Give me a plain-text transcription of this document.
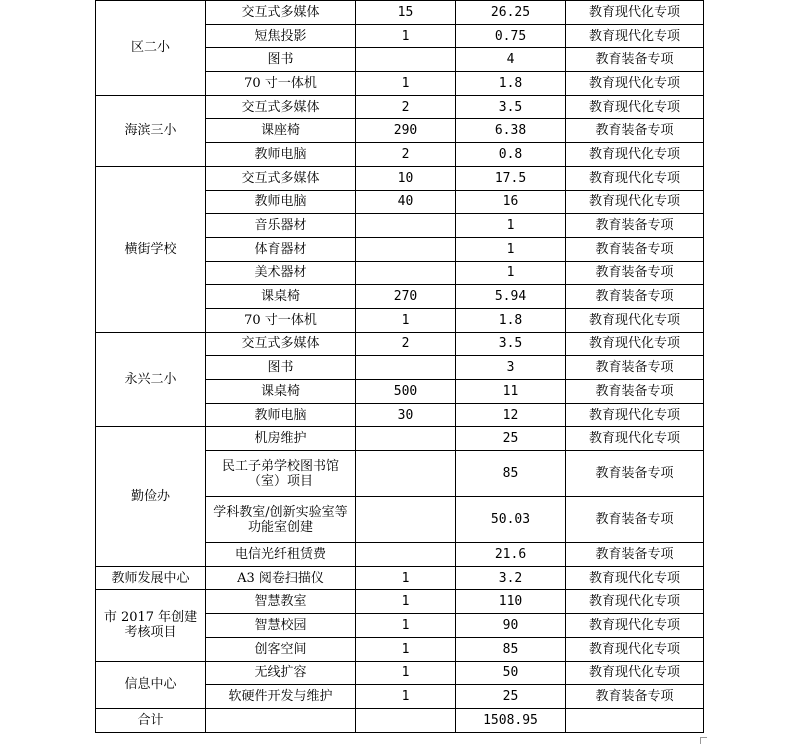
区二小	交互式多媒体	15	26.25	教育现代化专项
	短焦投影	1	0.75	教育现代化专项
	图书		4	教育装备专项
	70 寸一体机	1	1.8	教育现代化专项
海滨三小	交互式多媒体	2	3.5	教育现代化专项
	课座椅	290	6.38	教育装备专项
	教师电脑	2	0.8	教育现代化专项
横街学校	交互式多媒体	10	17.5	教育现代化专项
	教师电脑	40	16	教育现代化专项
	音乐器材		1	教育装备专项
	体育器材		1	教育装备专项
	美术器材		1	教育装备专项
	课桌椅	270	5.94	教育装备专项
	70 寸一体机	1	1.8	教育现代化专项
永兴二小	交互式多媒体	2	3.5	教育现代化专项
	图书		3	教育装备专项
	课桌椅	500	11	教育装备专项
	教师电脑	30	12	教育现代化专项
勤俭办	机房维护		25	教育现代化专项
	民工子弟学校图书馆（室）项目		85	教育装备专项
	学科教室/创新实验室等功能室创建		50.03	教育装备专项
	电信光纤租赁费		21.6	教育装备专项
教师发展中心	A3 阅卷扫描仪	1	3.2	教育现代化专项
市 2017 年创建考核项目	智慧教室	1	110	教育现代化专项
	智慧校园	1	90	教育现代化专项
	创客空间	1	85	教育现代化专项
信息中心	无线扩容	1	50	教育现代化专项
	软硬件开发与维护	1	25	教育装备专项
合计			1508.95	
